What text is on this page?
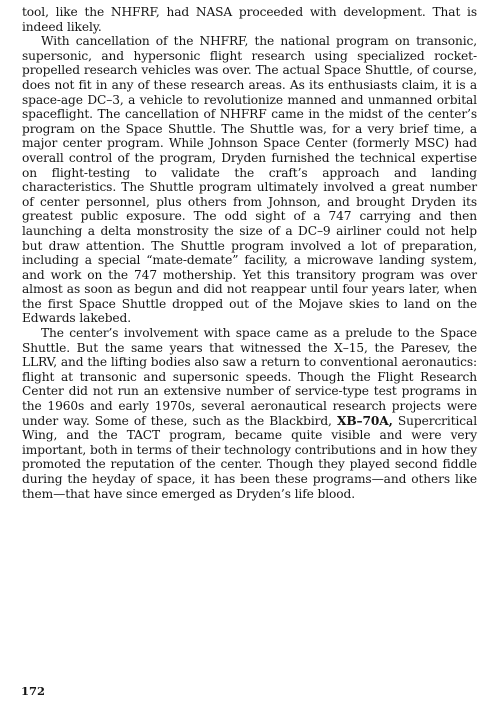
tool, like the NHFRF, had NASA proceeded with development. That is indeed likely.

With cancellation of the NHFRF, the national program on transonic, supersonic, and hypersonic flight research using specialized rocket-propelled research vehicles was over. The actual Space Shuttle, of course, does not fit in any of these research areas. As its enthusiasts claim, it is a space-age DC–3, a vehicle to revolutionize manned and unmanned orbital spaceflight. The cancellation of NHFRF came in the midst of the center’s program on the Space Shuttle. The Shuttle was, for a very brief time, a major center program. While Johnson Space Center (formerly MSC) had overall control of the program, Dryden furnished the technical expertise on flight-testing to validate the craft’s approach and landing characteristics. The Shuttle program ultimately involved a great number of center personnel, plus others from Johnson, and brought Dryden its greatest public exposure. The odd sight of a 747 carrying and then launching a delta monstrosity the size of a DC–9 airliner could not help but draw attention. The Shuttle program involved a lot of preparation, including a special “mate-demate” facility, a microwave landing system, and work on the 747 mothership. Yet this transitory program was over almost as soon as begun and did not reappear until four years later, when the first Space Shuttle dropped out of the Mojave skies to land on the Edwards lakebed.

The center’s involvement with space came as a prelude to the Space Shuttle. But the same years that witnessed the X–15, the Paresev, the LLRV, and the lifting bodies also saw a return to conventional aeronautics: flight at transonic and supersonic speeds. Though the Flight Research Center did not run an extensive number of service-type test programs in the 1960s and early 1970s, several aeronautical research projects were under way. Some of these, such as the Blackbird, XB–70A, Supercritical Wing, and the TACT program, became quite visible and were very important, both in terms of their technology contributions and in how they promoted the reputation of the center. Though they played second fiddle during the heyday of space, it has been these programs—and others like them—that have since emerged as Dryden’s life blood.

172
